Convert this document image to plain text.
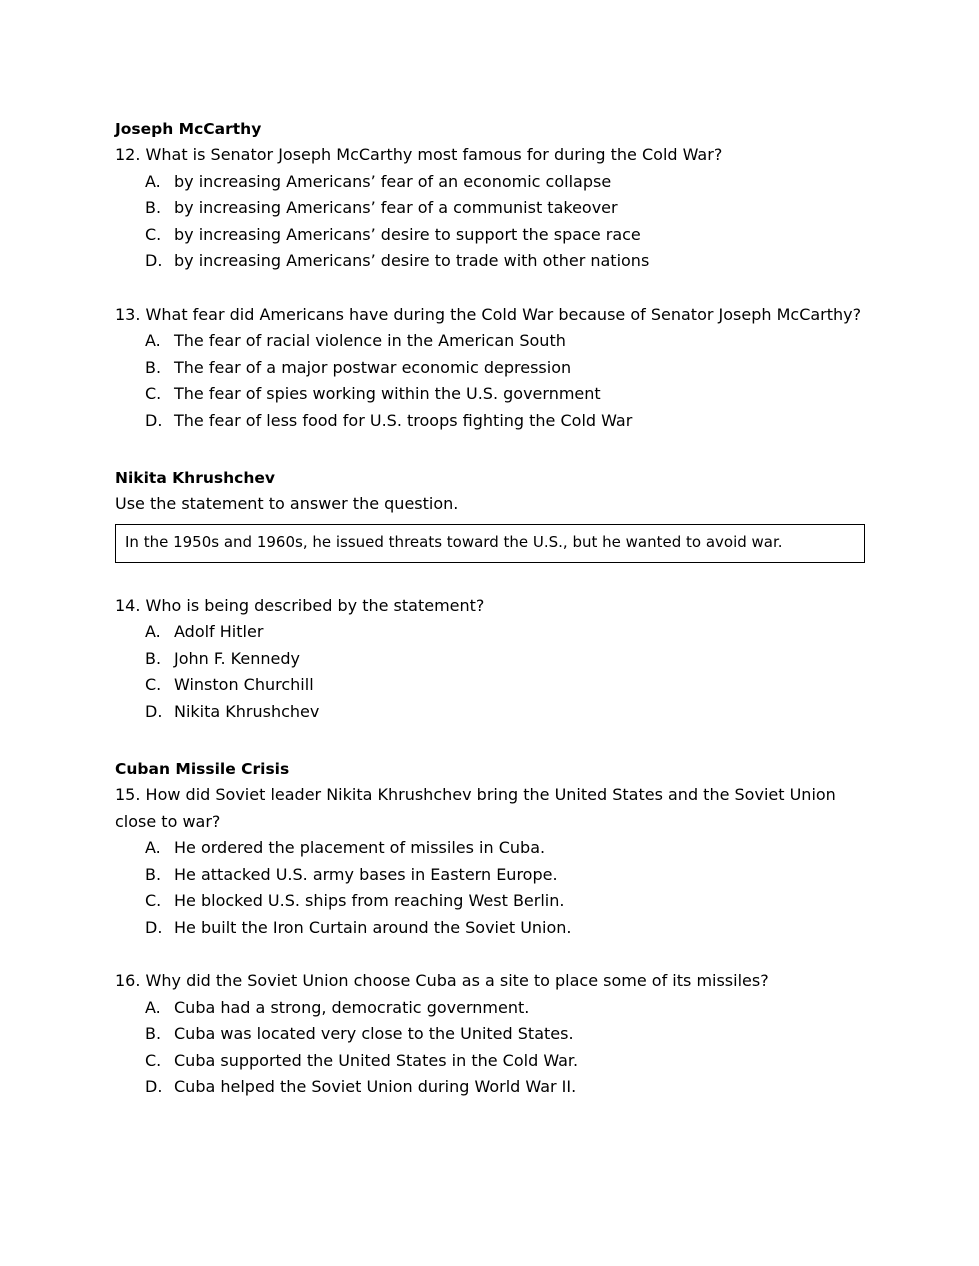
Joseph McCarthy

12. What is Senator Joseph McCarthy most famous for during the Cold War?

A. by increasing Americans’ fear of an economic collapse
B. by increasing Americans’ fear of a communist takeover
C. by increasing Americans’ desire to support the space race
D. by increasing Americans’ desire to trade with other nations

13. What fear did Americans have during the Cold War because of Senator Joseph McCarthy?

A. The fear of racial violence in the American South
B. The fear of a major postwar economic depression
C. The fear of spies working within the U.S. government
D. The fear of less food for U.S. troops fighting the Cold War
Nikita Khrushchev

Use the statement to answer the question.

In the 1950s and 1960s, he issued threats toward the U.S., but he wanted to avoid war.

14. Who is being described by the statement?

A. Adolf Hitler
B. John F. Kennedy
C. Winston Churchill
D. Nikita Khrushchev
Cuban Missile Crisis

15. How did Soviet leader Nikita Khrushchev bring the United States and the Soviet Union close to war?

A. He ordered the placement of missiles in Cuba.
B. He attacked U.S. army bases in Eastern Europe.
C. He blocked U.S. ships from reaching West Berlin.
D. He built the Iron Curtain around the Soviet Union.

16. Why did the Soviet Union choose Cuba as a site to place some of its missiles?

A. Cuba had a strong, democratic government.
B. Cuba was located very close to the United States.
C. Cuba supported the United States in the Cold War.
D. Cuba helped the Soviet Union during World War II.
